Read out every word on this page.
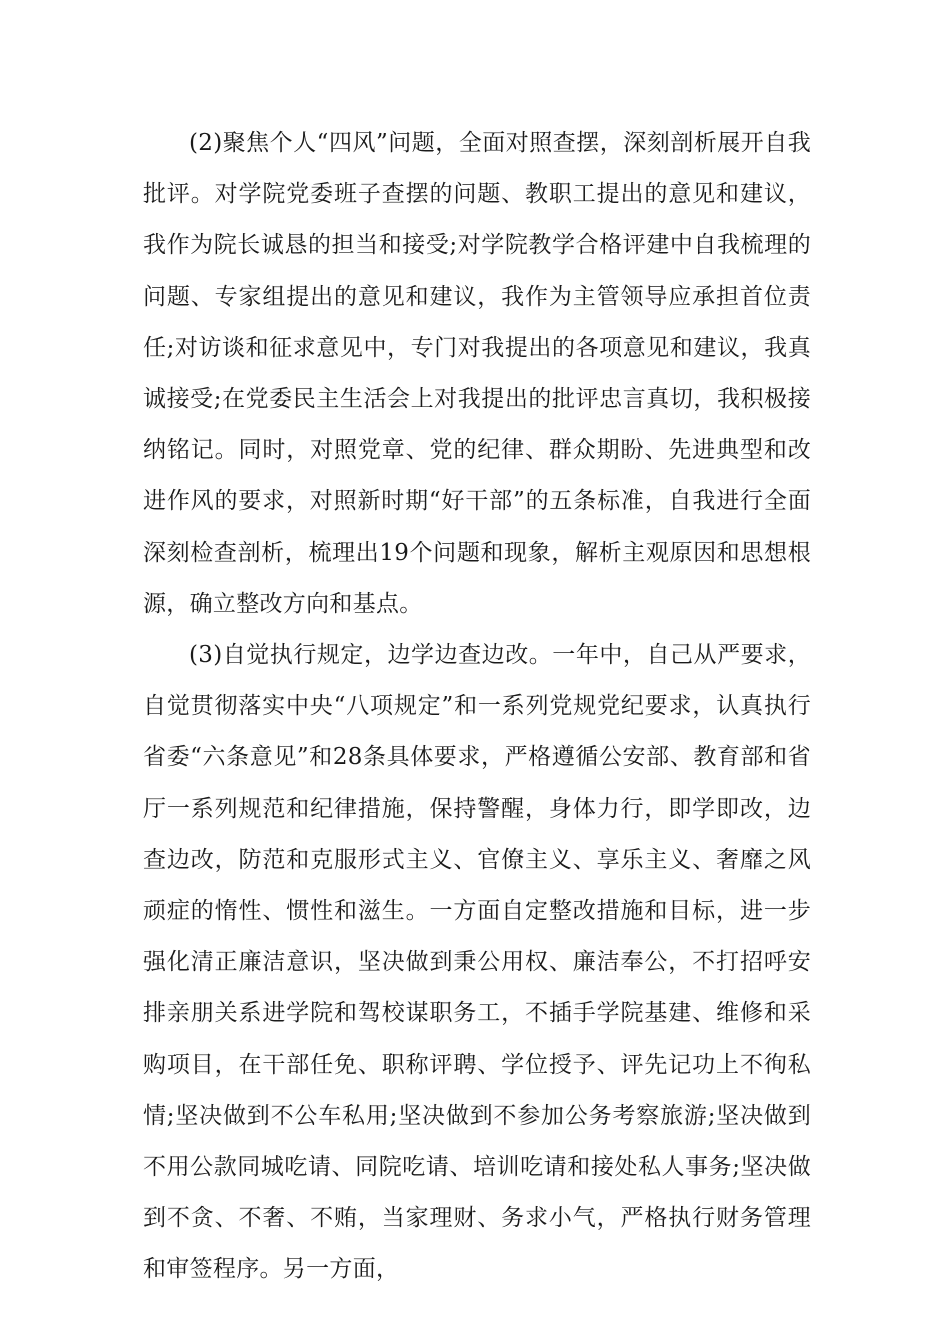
(2)聚焦个人“四风”问题，全面对照查摆，深刻剖析展开自我批评。对学院党委班子查摆的问题、教职工提出的意见和建议，我作为院长诚恳的担当和接受;对学院教学合格评建中自我梳理的问题、专家组提出的意见和建议，我作为主管领导应承担首位责任;对访谈和征求意见中，专门对我提出的各项意见和建议，我真诚接受;在党委民主生活会上对我提出的批评忠言真切，我积极接纳铭记。同时，对照党章、党的纪律、群众期盼、先进典型和改进作风的要求，对照新时期“好干部”的五条标准，自我进行全面深刻检查剖析，梳理出19个问题和现象，解析主观原因和思想根源，确立整改方向和基点。

(3)自觉执行规定，边学边查边改。一年中，自己从严要求，自觉贯彻落实中央“八项规定”和一系列党规党纪要求，认真执行省委“六条意见”和28条具体要求，严格遵循公安部、教育部和省厅一系列规范和纪律措施，保持警醒，身体力行，即学即改，边查边改，防范和克服形式主义、官僚主义、享乐主义、奢靡之风顽症的惰性、惯性和滋生。一方面自定整改措施和目标，进一步强化清正廉洁意识，坚决做到秉公用权、廉洁奉公，不打招呼安排亲朋关系进学院和驾校谋职务工，不插手学院基建、维修和采购项目，在干部任免、职称评聘、学位授予、评先记功上不徇私情;坚决做到不公车私用;坚决做到不参加公务考察旅游;坚决做到不用公款同城吃请、同院吃请、培训吃请和接处私人事务;坚决做到不贪、不奢、不贿，当家理财、务求小气，严格执行财务管理和审签程序。另一方面，
